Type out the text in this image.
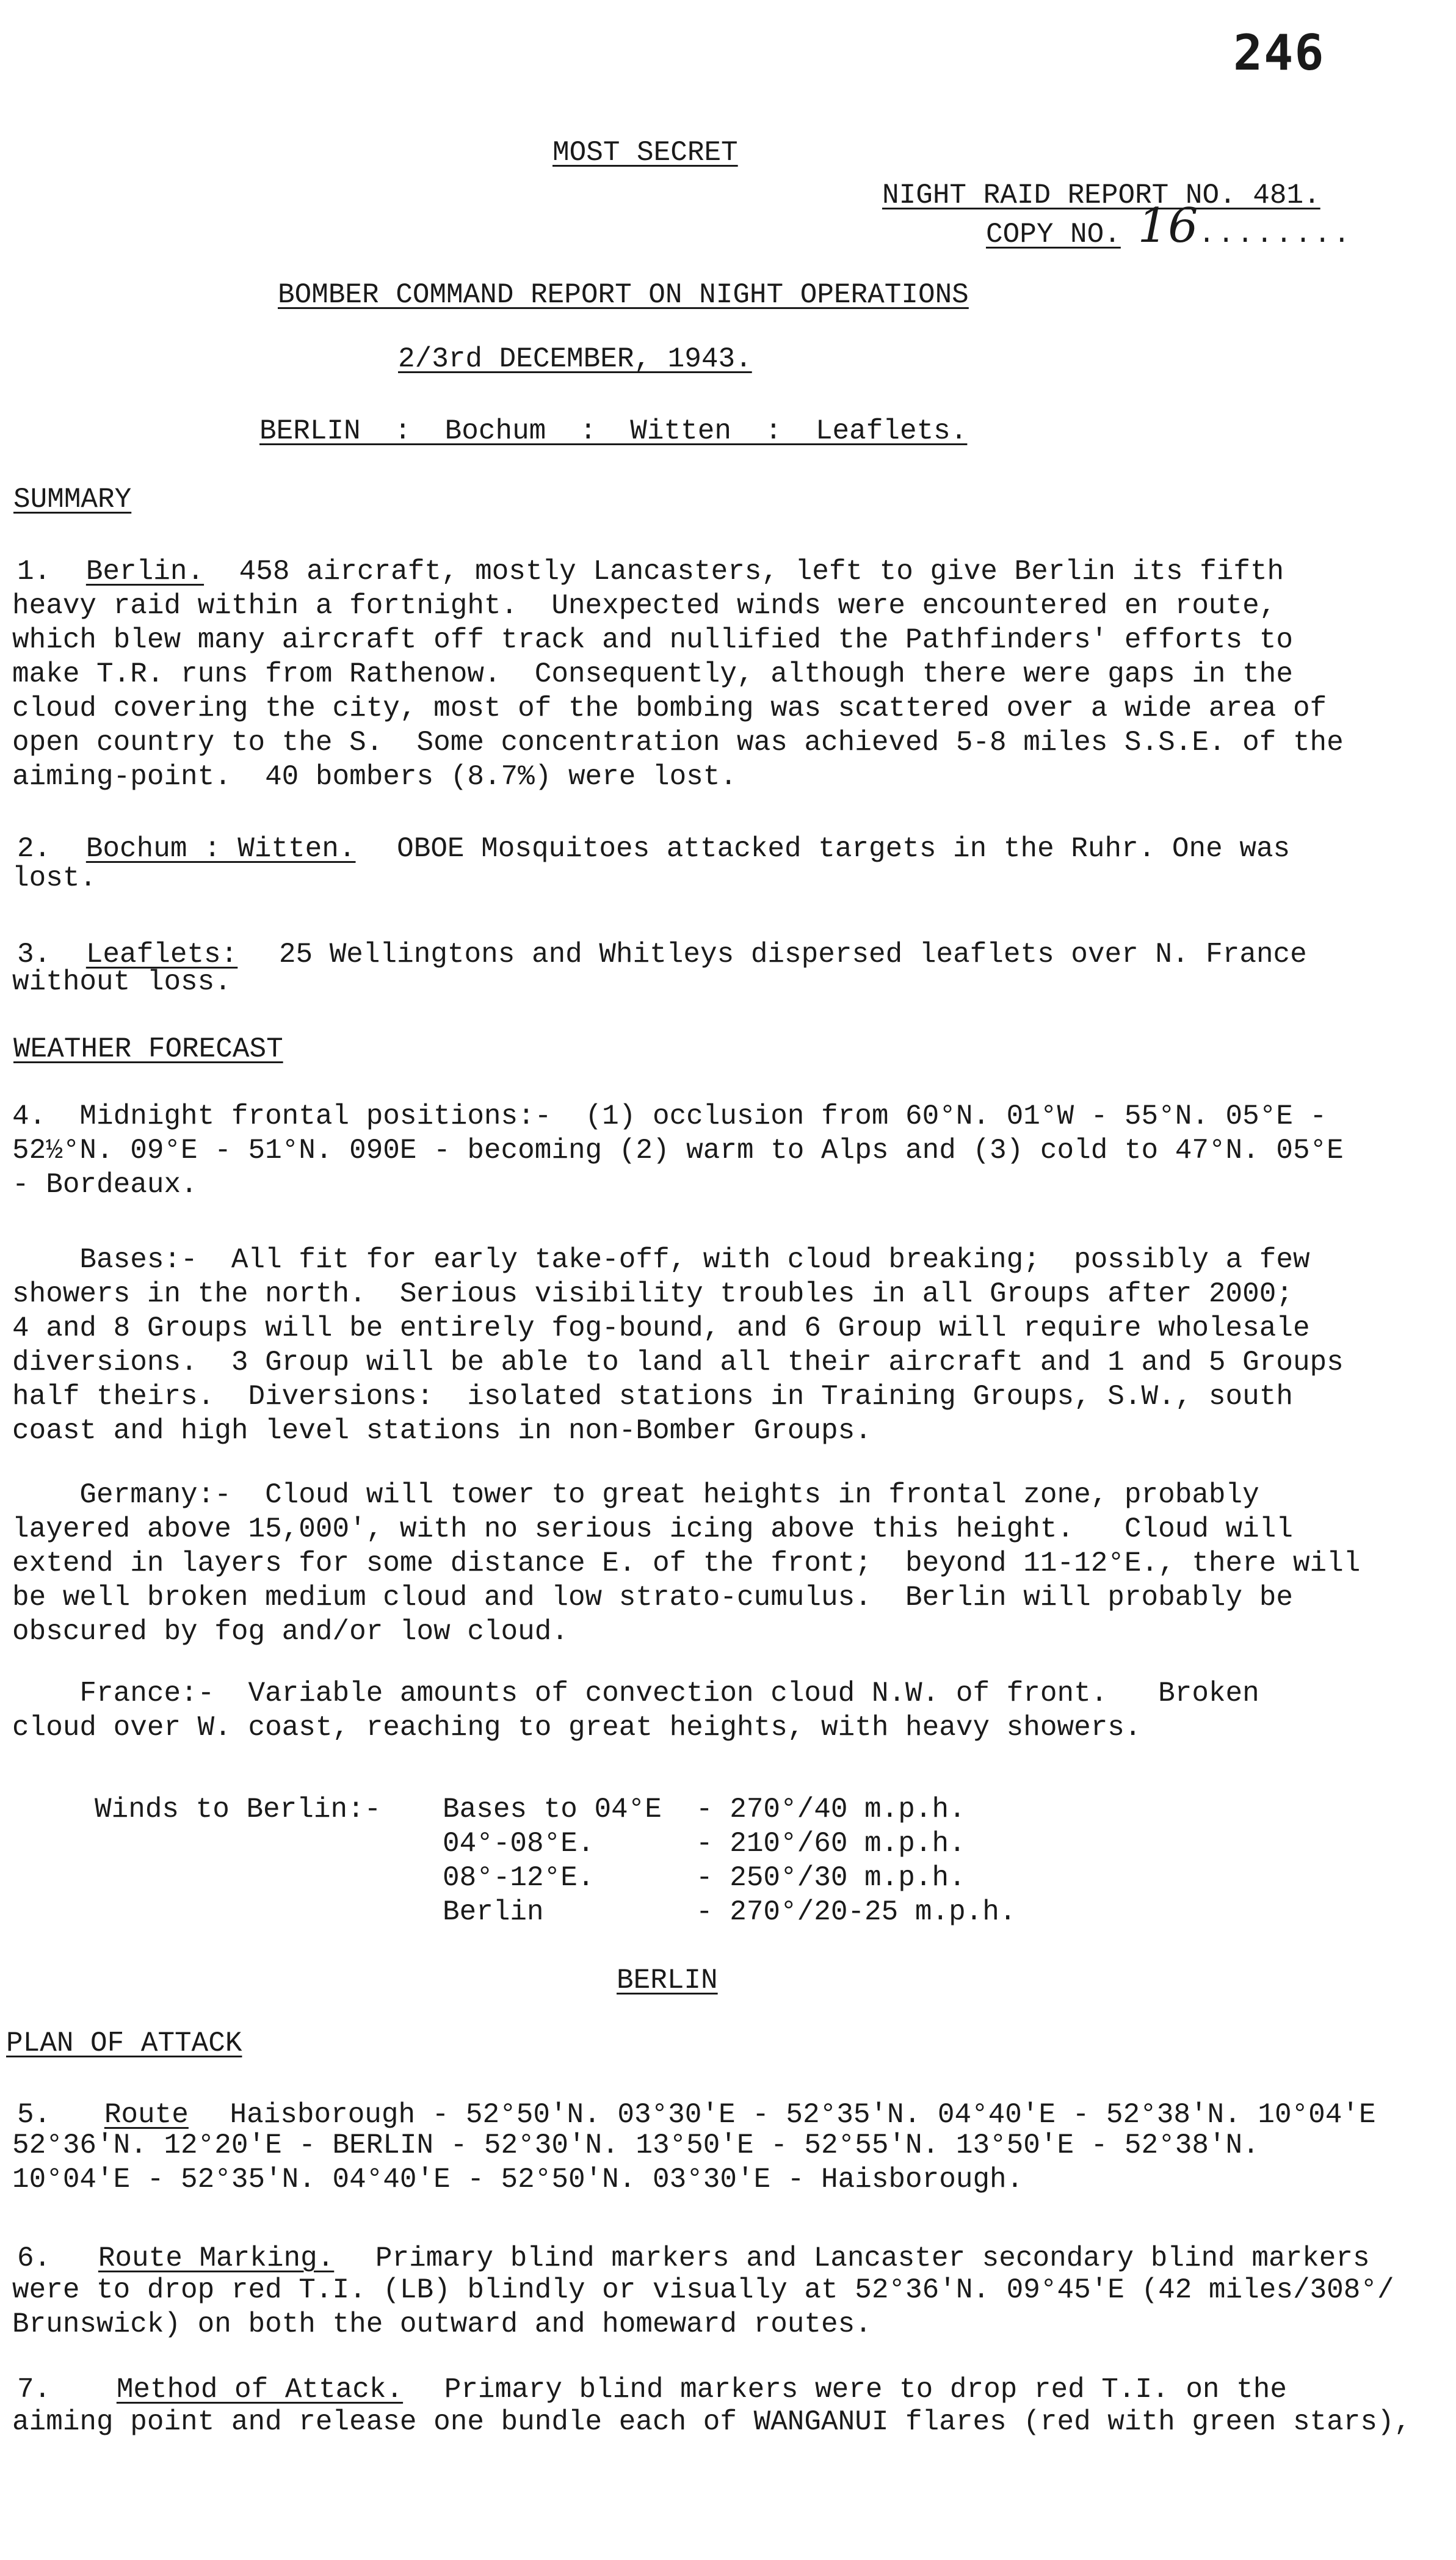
246
MOST SECRET
NIGHT RAID REPORT NO. 481.
COPY NO. 16........
BOMBER COMMAND REPORT ON NIGHT OPERATIONS
2/3rd DECEMBER, 1943.
BERLIN  :  Bochum  :  Witten  :  Leaflets.
SUMMARY
1. Berlin. 458 aircraft, mostly Lancasters, left to give Berlin its fifth
heavy raid within a fortnight.  Unexpected winds were encountered en route,
which blew many aircraft off track and nullified the Pathfinders' efforts to
make T.R. runs from Rathenow.  Consequently, although there were gaps in the
cloud covering the city, most of the bombing was scattered over a wide area of
open country to the S.  Some concentration was achieved 5-8 miles S.S.E. of the
aiming-point.  40 bombers (8.7%) were lost.
2. Bochum : Witten. OBOE Mosquitoes attacked targets in the Ruhr. One was
lost.
3. Leaflets: 25 Wellingtons and Whitleys dispersed leaflets over N. France
without loss.
WEATHER FORECAST
4.  Midnight frontal positions:-  (1) occlusion from 60°N. 01°W - 55°N. 05°E -
52½°N. 09°E - 51°N. 090E - becoming (2) warm to Alps and (3) cold to 47°N. 05°E
- Bordeaux.
Bases:-  All fit for early take-off, with cloud breaking;  possibly a few
showers in the north.  Serious visibility troubles in all Groups after 2000;
4 and 8 Groups will be entirely fog-bound, and 6 Group will require wholesale
diversions.  3 Group will be able to land all their aircraft and 1 and 5 Groups
half theirs.  Diversions:  isolated stations in Training Groups, S.W., south
coast and high level stations in non-Bomber Groups.
Germany:-  Cloud will tower to great heights in frontal zone, probably
layered above 15,000', with no serious icing above this height.   Cloud will
extend in layers for some distance E. of the front;  beyond 11-12°E., there will
be well broken medium cloud and low strato-cumulus.  Berlin will probably be
obscured by fog and/or low cloud.
France:-  Variable amounts of convection cloud N.W. of front.   Broken
cloud over W. coast, reaching to great heights, with heavy showers.
Winds to Berlin:- Bases to 04°E	- 270°/40 m.p.h.
04°-08°E.	- 210°/60 m.p.h.
08°-12°E.	- 250°/30 m.p.h.
Berlin	- 270°/20-25 m.p.h.
BERLIN
PLAN OF ATTACK
5. Route Haisborough - 52°50'N. 03°30'E - 52°35'N. 04°40'E - 52°38'N. 10°04'E
52°36'N. 12°20'E - BERLIN - 52°30'N. 13°50'E - 52°55'N. 13°50'E - 52°38'N.
10°04'E - 52°35'N. 04°40'E - 52°50'N. 03°30'E - Haisborough.
6. Route Marking. Primary blind markers and Lancaster secondary blind markers
were to drop red T.I. (LB) blindly or visually at 52°36'N. 09°45'E (42 miles/308°/
Brunswick) on both the outward and homeward routes.
7. Method of Attack. Primary blind markers were to drop red T.I. on the
aiming point and release one bundle each of WANGANUI flares (red with green stars),
